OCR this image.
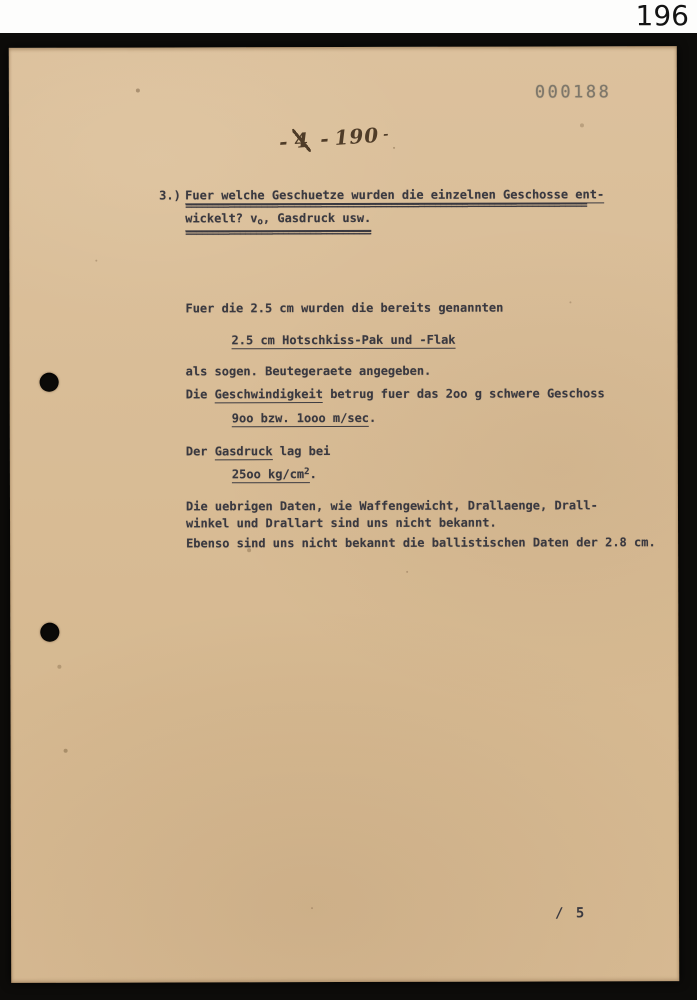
196
000188
- 4 - 190 -
3.) Fuer welche Geschuetze wurden die einzelnen Geschosse ent- =====
wickelt? $v_o$, Gasdruck usw. =====
Fuer die 2.5 cm wurden die bereits genannten
2.5 cm Hotschkiss-Pak und -Flak
als sogen. Beutegeraete angegeben.
Die Geschwindigkeit betrug fuer das 2oo g schwere Geschoss
9oo bzw. 1ooo m/sec.
Der Gasdruck lag bei
25oo $kg/cm^2$.
Die uebrigen Daten, wie Waffengewicht, Drallaenge, Drall-
winkel und Drallart sind uns nicht bekannt.
Ebenso sind uns nicht bekannt die ballistischen Daten der 2.8 cm.
/ 5
